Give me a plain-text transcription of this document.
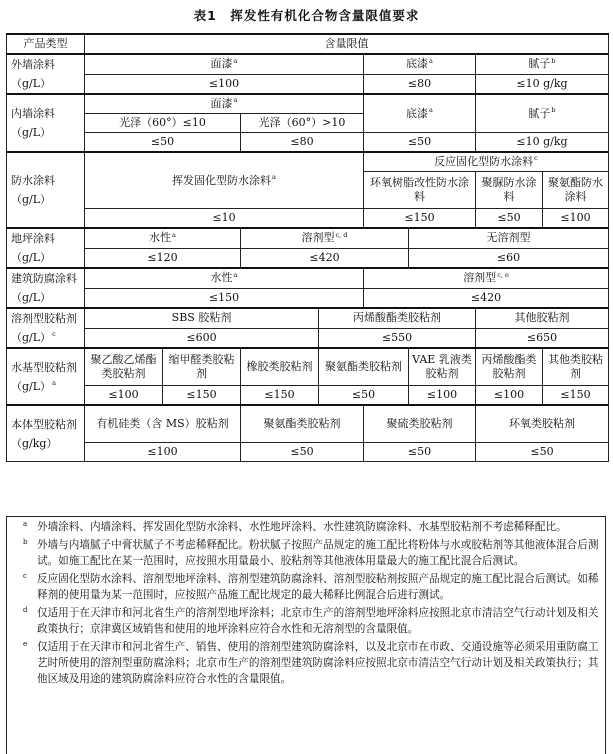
表1　挥发性有机化合物含量限值要求
产品类型	含量限值							
外墙涂料
（g/L）	面漆$^a$				底漆$^a$		腻子$^b$
	≤100				≤80		≤10 g/kg	
内墙涂料
（g/L）	面漆$^a$				底漆$^a$		腻子$^b$
	光泽（60°）≤10		光泽（60°）>10					
	≤50		≤80		≤50		≤10 g/kg	
防水涂料
（g/L）	挥发固化型防水涂料$^a$				反应固化型防水涂料$^c$
					环氧树脂改性防水涂料		聚脲防水涂料	聚氨酯防水涂料
	≤10				≤150		≤50	≤100
地坪涂料
（g/L）	水性$^a$		溶剂型$^{c, d}$			无溶剂型		
	≤120		≤420			≤60		
建筑防腐涂料
（g/L）	水性$^a$				溶剂型$^{c, e}$
	≤150				≤420			
溶剂型胶粘剂
$(g/L)^c$	SBS 胶粘剂			丙烯酸酯类胶粘剂			其他胶粘剂	
	≤600			≤550			≤650	
水基型胶粘剂
$(g/L)^a$	聚乙酸乙烯酯类胶粘剂	缩甲醛类胶粘剂	橡胶类胶粘剂	聚氨酯类胶粘剂		VAE 乳液类胶粘剂	丙烯酸酯类胶粘剂	其他类胶粘剂
	≤100	≤150	≤150	≤50		≤100	≤100	≤150
本体型胶粘剂
（g/kg）	有机硅类（含 MS）胶粘剂		聚氨酯类胶粘剂		聚硫类胶粘剂		环氧类胶粘剂	
	≤100		≤50		≤50		≤50	
a 外墙涂料、内墙涂料、挥发固化型防水涂料、水性地坪涂料、水性建筑防腐涂料、水基型胶粘剂不考虑稀释配比。
b 外墙与内墙腻子中膏状腻子不考虑稀释配比。粉状腻子按照产品规定的施工配比将粉体与水或胶粘剂等其他液体混合后测试。如施工配比在某一范围时，应按照水用量最小、胶粘剂等其他液体用量最大的施工配比混合后测试。
c 反应固化型防水涂料、溶剂型地坪涂料、溶剂型建筑防腐涂料、溶剂型胶粘剂按照产品规定的施工配比混合后测试。如稀释剂的使用量为某一范围时，应按照产品施工配比规定的最大稀释比例混合后进行测试。
d 仅适用于在天津市和河北省生产的溶剂型地坪涂料；北京市生产的溶剂型地坪涂料应按照北京市清洁空气行动计划及相关政策执行；京津冀区域销售和使用的地坪涂料应符合水性和无溶剂型的含量限值。
e 仅适用于在天津市和河北省生产、销售、使用的溶剂型建筑防腐涂料，以及北京市在市政、交通设施等必须采用重防腐工艺时所使用的溶剂型重防腐涂料；北京市生产的溶剂型建筑防腐涂料应按照北京市清洁空气行动计划及相关政策执行；其他区域及用途的建筑防腐涂料应符合水性的含量限值。
